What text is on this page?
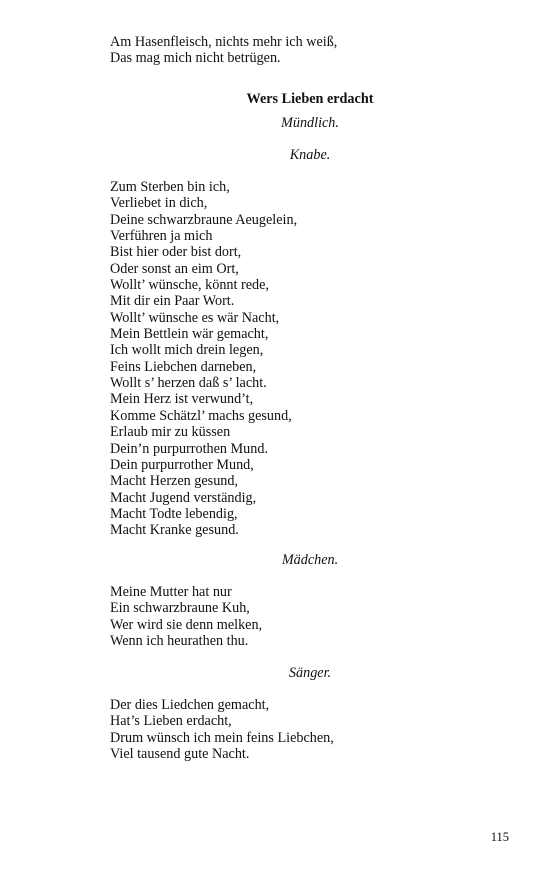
Am Hasenfleisch, nichts mehr ich weiß,
Das mag mich nicht betrügen.
Wers Lieben erdacht
Mündlich.
Knabe.
Zum Sterben bin ich,
Verliebet in dich,
Deine schwarzbraune Aeugelein,
Verführen ja mich
Bist hier oder bist dort,
Oder sonst an eim Ort,
Wollt’ wünsche, könnt rede,
Mit dir ein Paar Wort.
Wollt’ wünsche es wär Nacht,
Mein Bettlein wär gemacht,
Ich wollt mich drein legen,
Feins Liebchen darneben,
Wollt s’ herzen daß s’ lacht.
Mein Herz ist verwund’t,
Komme Schätzl’ machs gesund,
Erlaub mir zu küssen
Dein’n purpurrothen Mund.
Dein purpurrother Mund,
Macht Herzen gesund,
Macht Jugend verständig,
Macht Todte lebendig,
Macht Kranke gesund.
Mädchen.
Meine Mutter hat nur
Ein schwarzbraune Kuh,
Wer wird sie denn melken,
Wenn ich heurathen thu.
Sänger.
Der dies Liedchen gemacht,
Hat’s Lieben erdacht,
Drum wünsch ich mein feins Liebchen,
Viel tausend gute Nacht.
115
